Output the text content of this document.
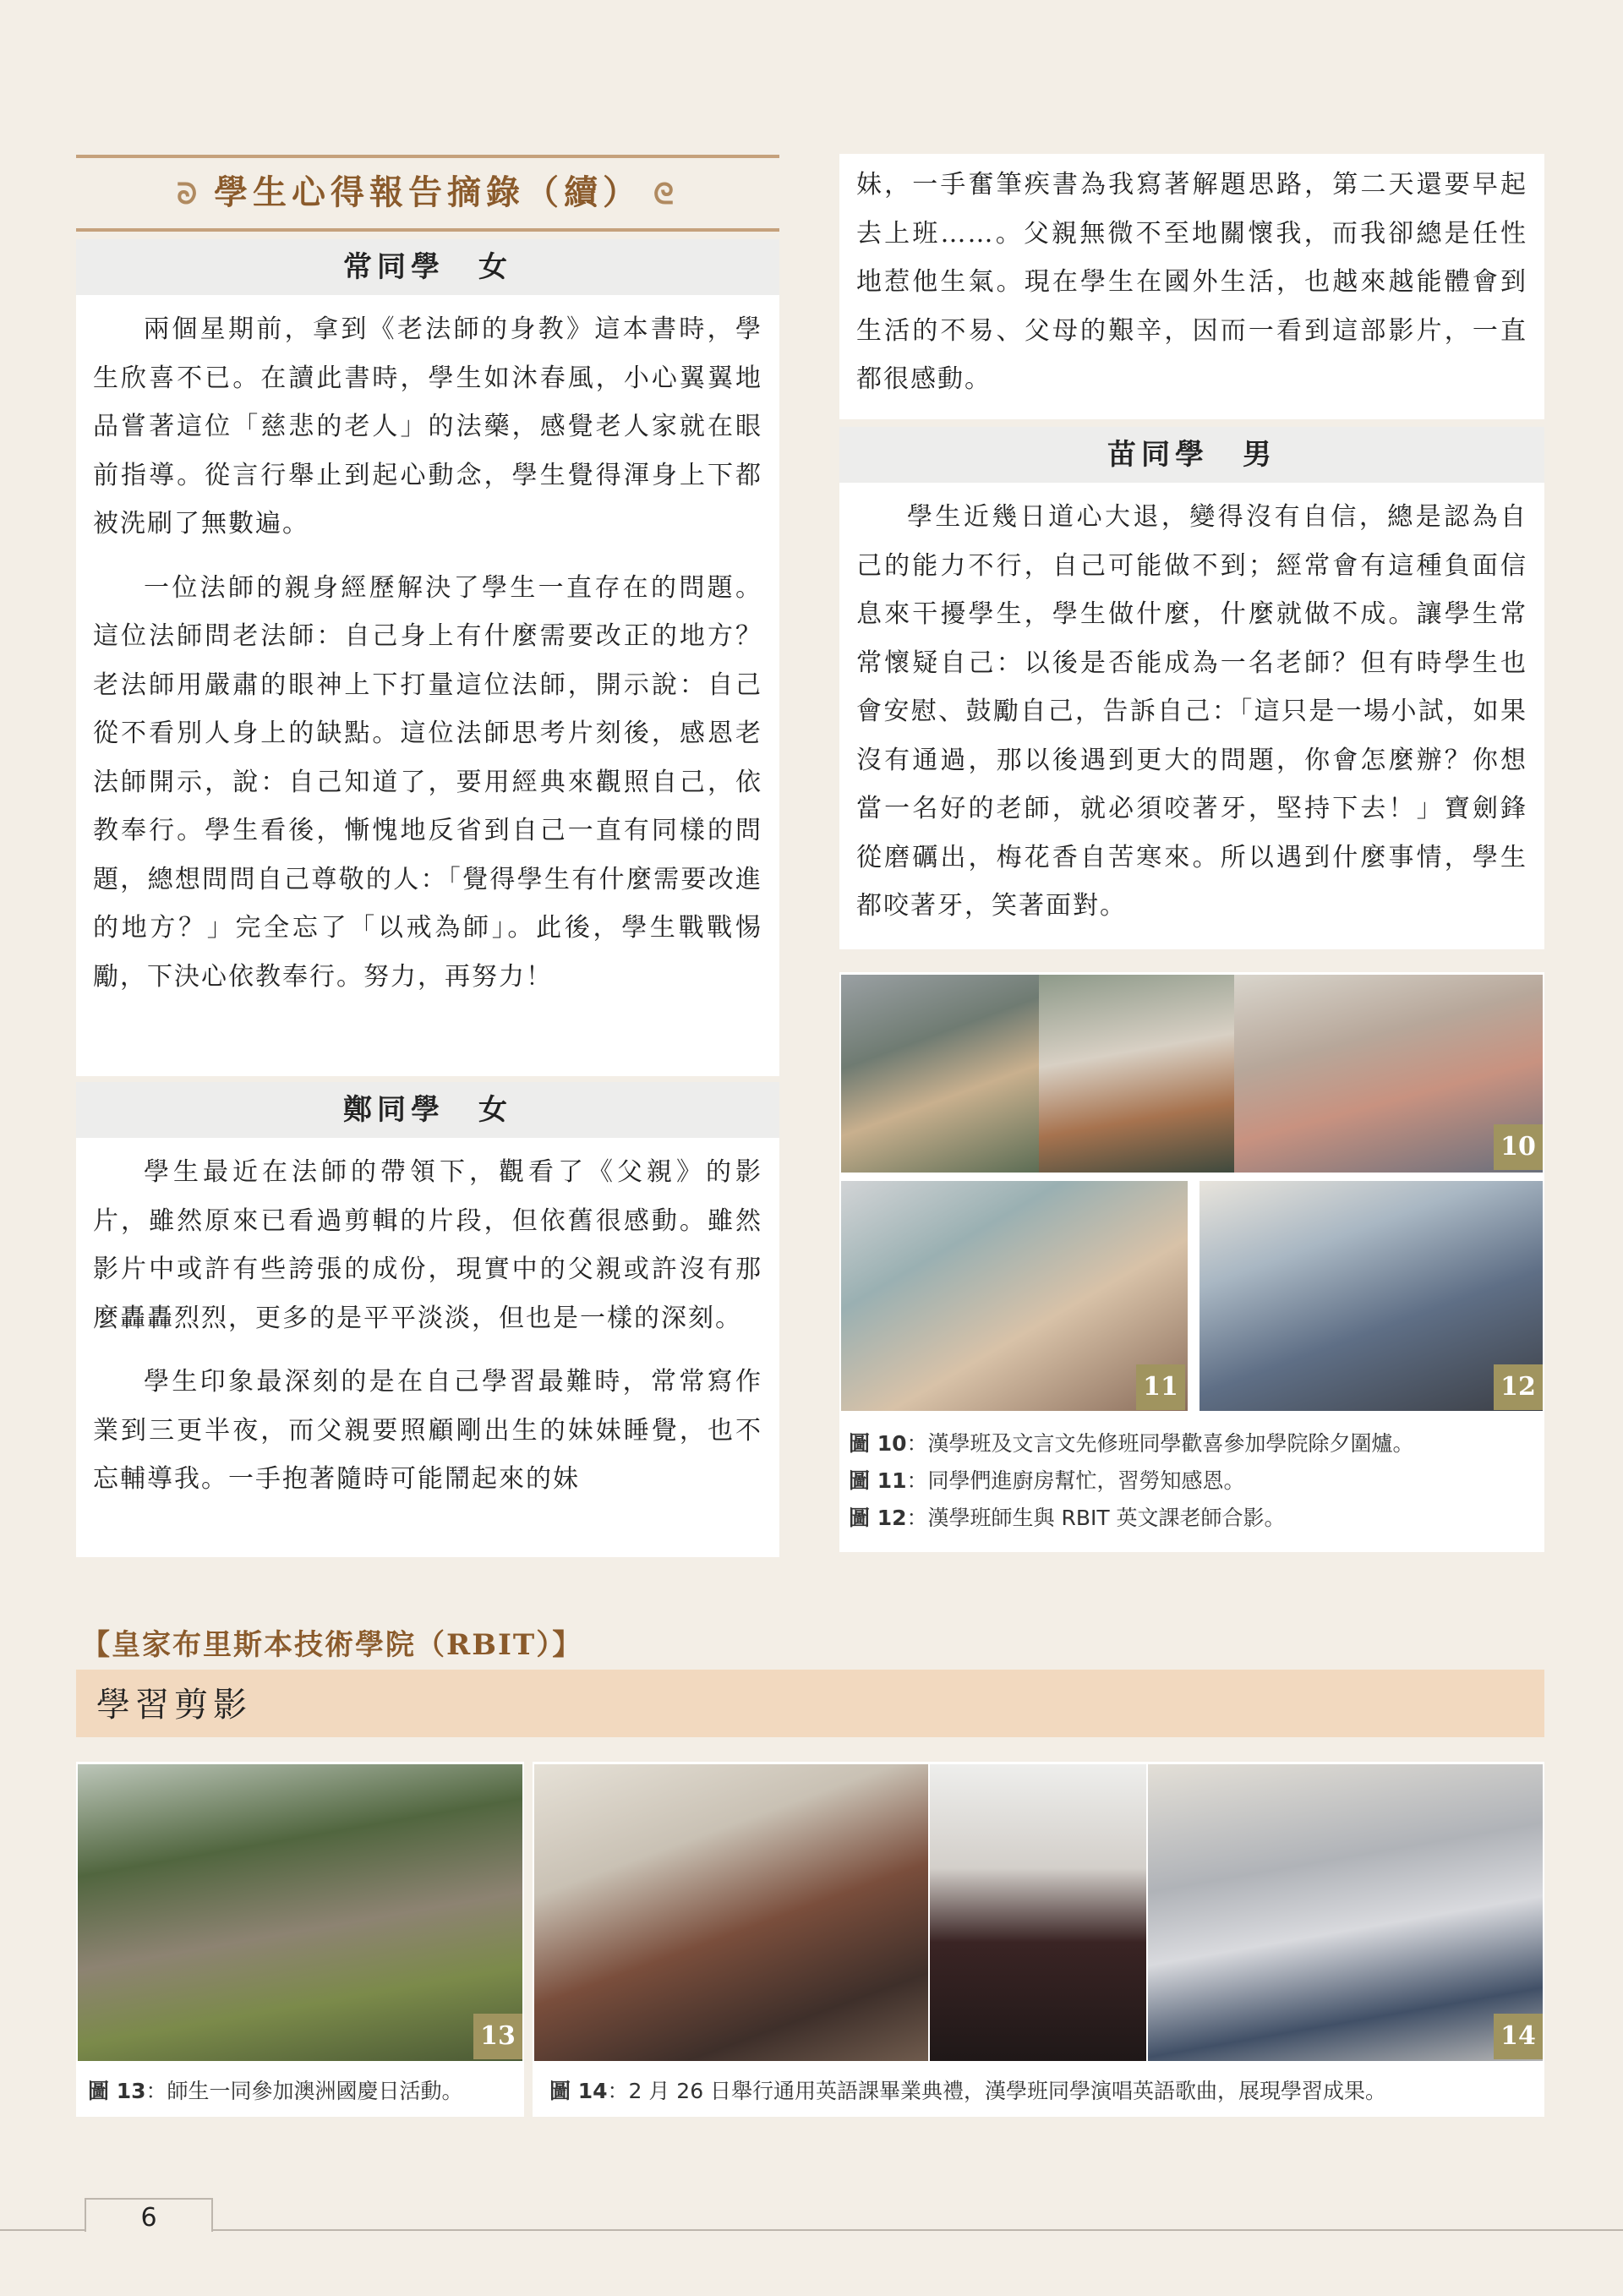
ᘐ 學生心得報告摘錄（續） ᘓ
常同學　女

兩個星期前，拿到《老法師的身教》這本書時，學生欣喜不已。在讀此書時，學生如沐春風，小心翼翼地品嘗著這位「慈悲的老人」的法藥，感覺老人家就在眼前指導。從言行舉止到起心動念，學生覺得渾身上下都被洗刷了無數遍。

一位法師的親身經歷解決了學生一直存在的問題。這位法師問老法師：自己身上有什麼需要改正的地方？老法師用嚴肅的眼神上下打量這位法師，開示說：自己從不看別人身上的缺點。這位法師思考片刻後，感恩老法師開示，說：自己知道了，要用經典來觀照自己，依教奉行。學生看後，慚愧地反省到自己一直有同樣的問題，總想問問自己尊敬的人：「覺得學生有什麼需要改進的地方？」完全忘了「以戒為師」。此後，學生戰戰惕勵，下決心依教奉行。努力，再努力！

鄭同學　女

學生最近在法師的帶領下，觀看了《父親》的影片，雖然原來已看過剪輯的片段，但依舊很感動。雖然影片中或許有些誇張的成份，現實中的父親或許沒有那麼轟轟烈烈，更多的是平平淡淡，但也是一樣的深刻。

學生印象最深刻的是在自己學習最難時，常常寫作業到三更半夜，而父親要照顧剛出生的妹妹睡覺，也不忘輔導我。一手抱著隨時可能鬧起來的妹

妹，一手奮筆疾書為我寫著解題思路，第二天還要早起去上班……。父親無微不至地關懷我，而我卻總是任性地惹他生氣。現在學生在國外生活，也越來越能體會到生活的不易、父母的艱辛，因而一看到這部影片，一直都很感動。

苗同學　男

學生近幾日道心大退，變得沒有自信，總是認為自己的能力不行，自己可能做不到；經常會有這種負面信息來干擾學生，學生做什麼，什麼就做不成。讓學生常常懷疑自己：以後是否能成為一名老師？但有時學生也會安慰、鼓勵自己，告訴自己：「這只是一場小試，如果沒有通過，那以後遇到更大的問題，你會怎麼辦？你想當一名好的老師，就必須咬著牙，堅持下去！」寶劍鋒從磨礪出，梅花香自苦寒來。所以遇到什麼事情，學生都咬著牙，笑著面對。

10
11	12

圖 10：漢學班及文言文先修班同學歡喜參加學院除夕圍爐。

圖 11：同學們進廚房幫忙，習勞知感恩。

圖 12：漢學班師生與 RBIT 英文課老師合影。

【皇家布里斯本技術學院（RBIT）】
學習剪影
13

圖 13：師生一同參加澳洲國慶日活動。

14

圖 14：2 月 26 日舉行通用英語課畢業典禮，漢學班同學演唱英語歌曲，展現學習成果。

6
